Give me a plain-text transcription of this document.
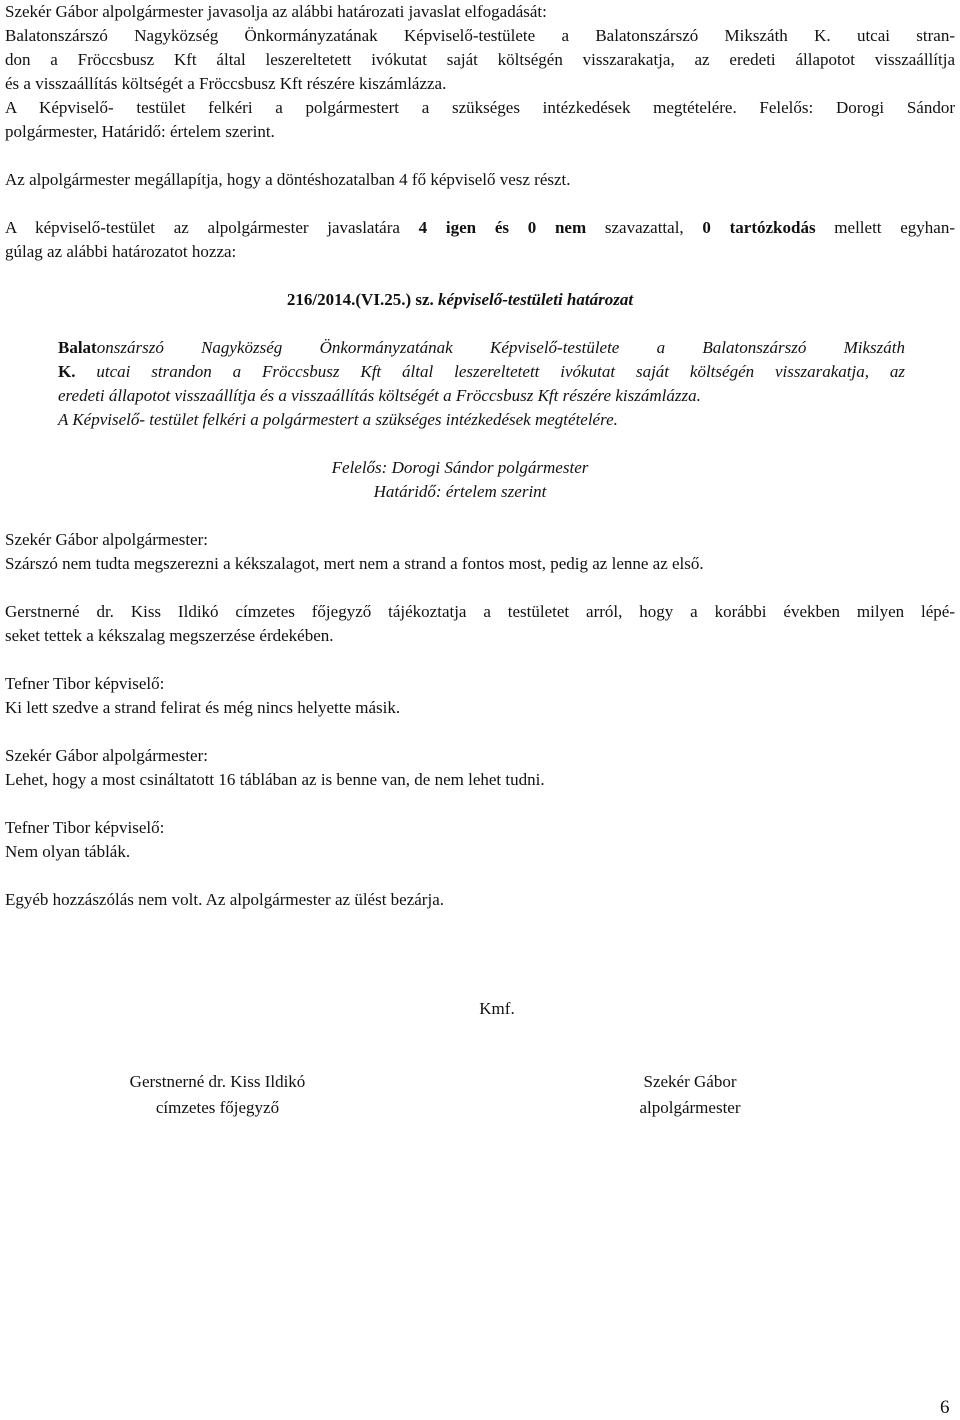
Szekér Gábor alpolgármester javasolja az alábbi határozati javaslat elfogadását:

Balatonszárszó Nagyközség Önkormányzatának Képviselő-testülete a Balatonszárszó Mikszáth K. utcai stran-

don a Fröccsbusz Kft által leszereltetett ivókutat saját költségén visszarakatja, az eredeti állapotot visszaállítja

és a visszaállítás költségét a Fröccsbusz Kft részére kiszámlázza.

A Képviselő- testület felkéri a polgármestert a szükséges intézkedések megtételére. Felelős: Dorogi Sándor

polgármester, Határidő: értelem szerint.

Az alpolgármester megállapítja, hogy a döntéshozatalban 4 fő képviselő vesz részt.

A képviselő-testület az alpolgármester javaslatára 4 igen és 0 nem szavazattal, 0 tartózkodás mellett egyhan-

gúlag az alábbi határozatot hozza:

216/2014.(VI.25.) sz. képviselő-testületi határozat

Balatonszárszó Nagyközség Önkormányzatának Képviselő-testülete a Balatonszárszó Mikszáth

K. utcai strandon a Fröccsbusz Kft által leszereltetett ivókutat saját költségén visszarakatja, az

eredeti állapotot visszaállítja és a visszaállítás költségét a Fröccsbusz Kft részére kiszámlázza.

A Képviselő- testület felkéri a polgármestert a szükséges intézkedések megtételére.

Felelős: Dorogi Sándor polgármester

Határidő: értelem szerint

Szekér Gábor alpolgármester:

Szárszó nem tudta megszerezni a kékszalagot, mert nem a strand a fontos most, pedig az lenne az első.

Gerstnerné dr. Kiss Ildikó címzetes főjegyző tájékoztatja a testületet arról, hogy a korábbi években milyen lépé-

seket tettek a kékszalag megszerzése érdekében.

Tefner Tibor képviselő:

Ki lett szedve a strand felirat és még nincs helyette másik.

Szekér Gábor alpolgármester:

Lehet, hogy a most csináltatott 16 táblában az is benne van, de nem lehet tudni.

Tefner Tibor képviselő:

Nem olyan táblák.

Egyéb hozzászólás nem volt. Az alpolgármester az ülést bezárja.

Kmf.
Gerstnerné dr. Kiss Ildikó
címzetes főjegyző
Szekér Gábor
alpolgármester
6
